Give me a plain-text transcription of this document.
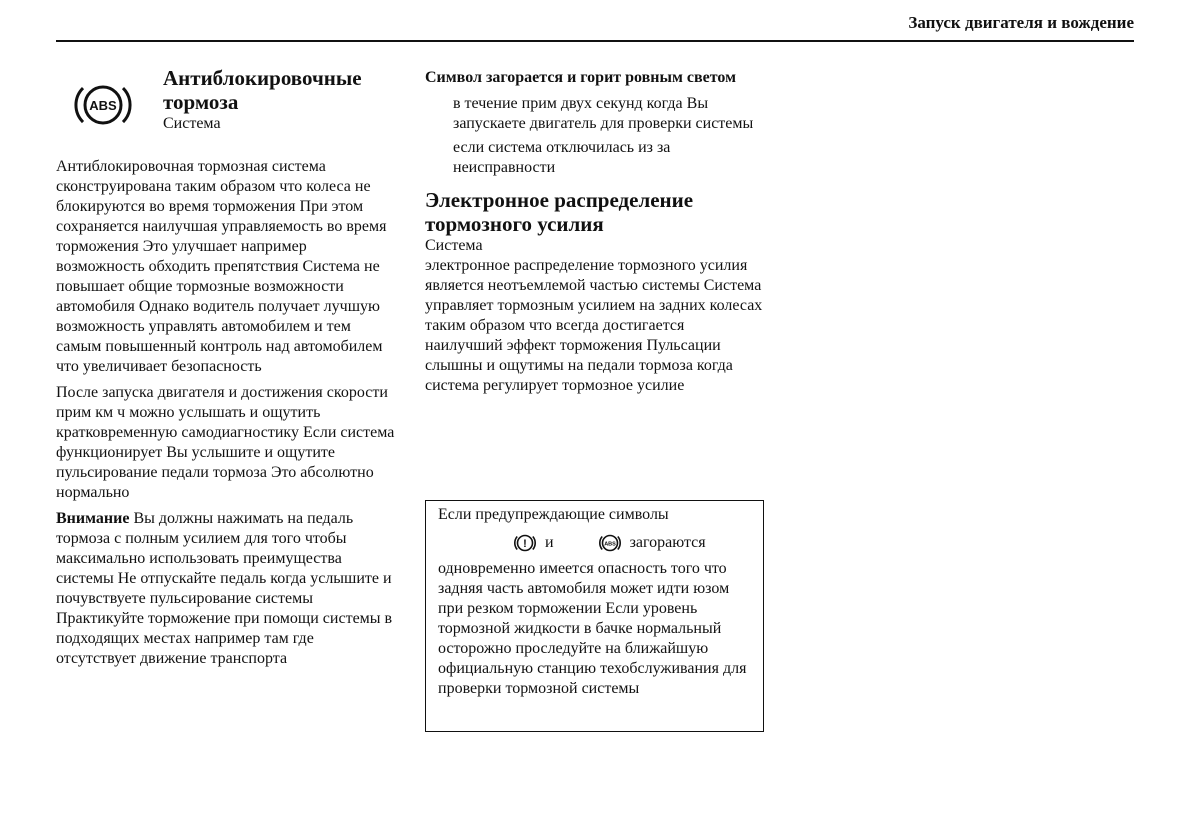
Запуск двигателя и вождение
ABS
Антиблокировочные
тормоза
Система

Антиблокировочная тормозная система сконструирована таким образом что колеса не блокируются во время торможения При этом сохраняется наилучшая управляемость во время торможения Это улучшает например возможность обходить препятствия Система не повышает общие тормозные возможности автомобиля Однако водитель получает лучшую возможность управлять автомобилем и тем самым повышенный контроль над автомобилем что увеличивает безопасность

После запуска двигателя и достижения скорости прим км ч можно услышать и ощутить кратковременную самодиагностику Если система функционирует Вы услышите и ощутите пульсирование педали тормоза Это абсолютно нормально

Внимание Вы должны нажимать на педаль тормоза с полным усилием для того чтобы максимально использовать преимущества системы Не отпускайте педаль когда услышите и почувствуете пульсирование системы Практикуйте торможение при помощи системы в подходящих местах например там где отсутствует движение транспорта

Символ загорается и горит ровным светом
в течение прим двух секунд когда Вы запускаете двигатель для проверки системы
если система отключилась из за неисправности
Электронное распределение тормозного усилия
Система

электронное распределение тормозного усилия является неотъемлемой частью системы Система управляет тормозным усилием на задних колесах таким образом что всегда достигается наилучший эффект торможения Пульсации слышны и ощутимы на педали тормоза когда система регулирует тормозное усилие

Если предупреждающие символы

! и	ABS загораются

одновременно имеется опасность того что задняя часть автомобиля может идти юзом при резком торможении Если уровень тормозной жидкости в бачке нормальный осторожно проследуйте на ближайшую официальную станцию техобслуживания для проверки тормозной системы
